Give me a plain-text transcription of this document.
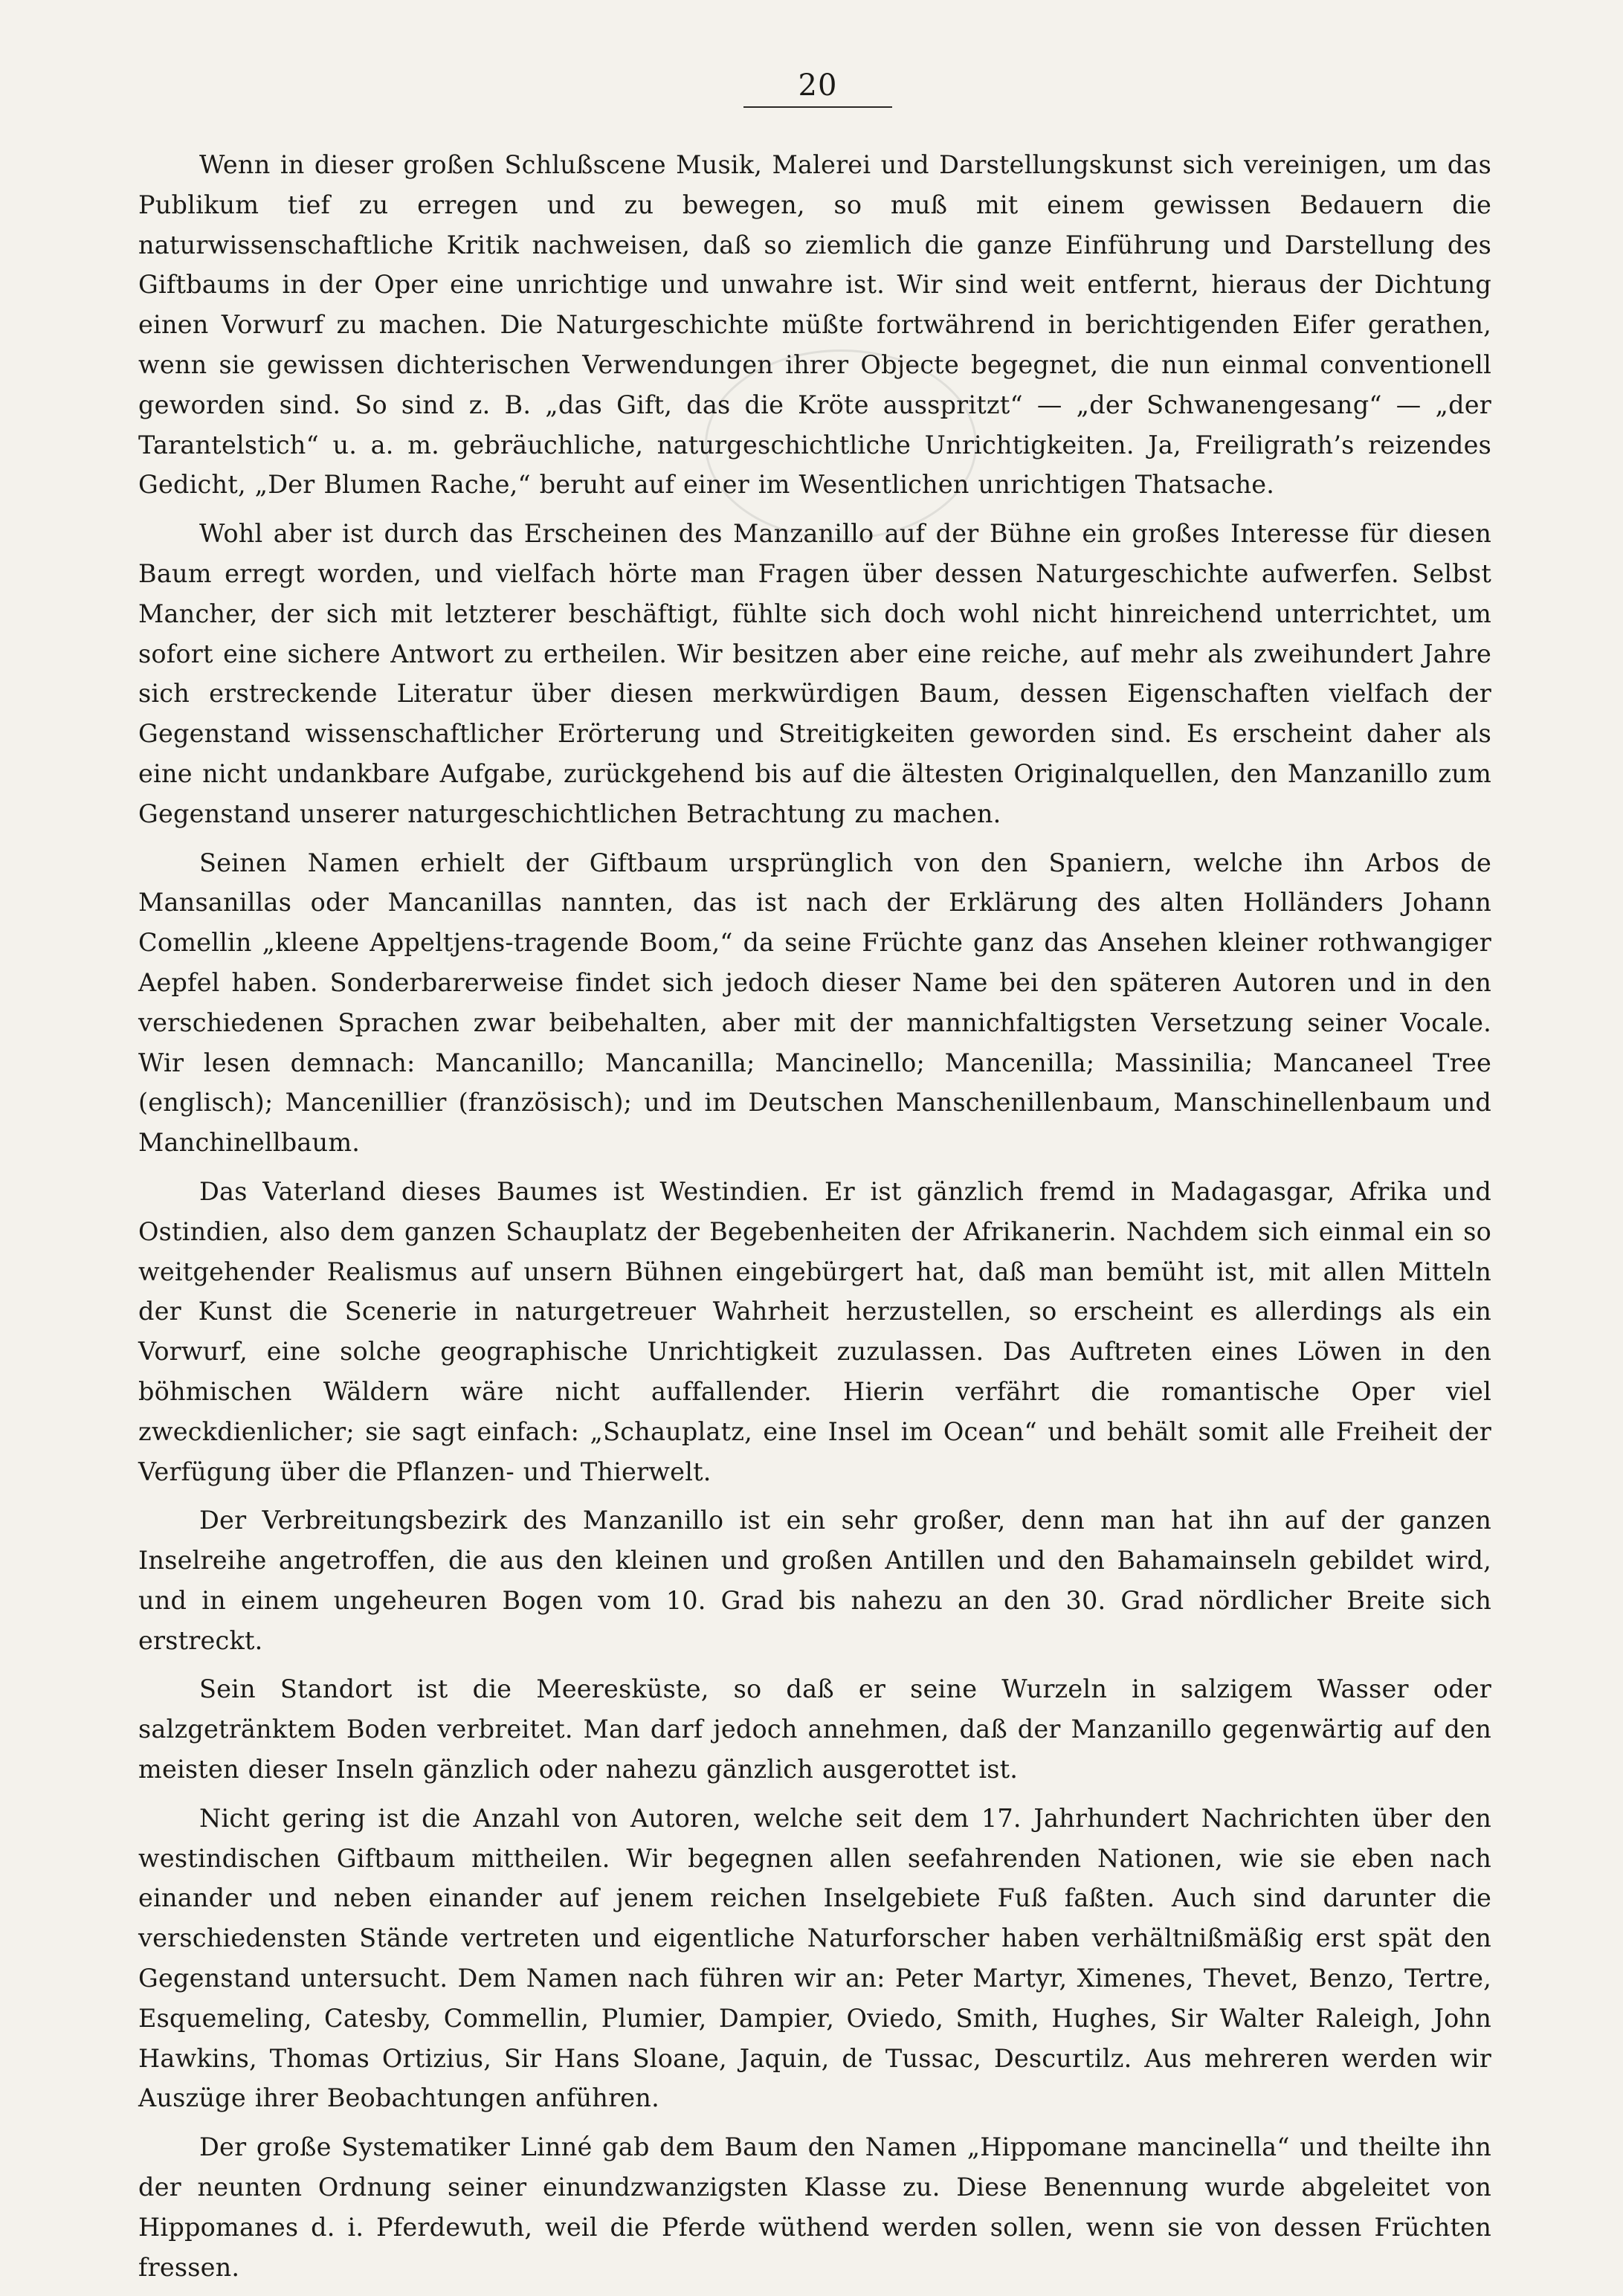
20

Wenn in dieser großen Schlußscene Musik, Malerei und Darstellungskunst sich vereinigen, um das Publikum tief zu erregen und zu bewegen, so muß mit einem gewissen Bedauern die naturwissenschaftliche Kritik nachweisen, daß so ziemlich die ganze Einführung und Darstellung des Giftbaums in der Oper eine unrichtige und unwahre ist. Wir sind weit entfernt, hieraus der Dichtung einen Vorwurf zu machen. Die Naturgeschichte müßte fortwährend in berichtigenden Eifer gerathen, wenn sie gewissen dichterischen Verwendungen ihrer Objecte begegnet, die nun einmal conventionell geworden sind. So sind z. B. „das Gift, das die Kröte ausspritzt“ — „der Schwanengesang“ — „der Tarantelstich“ u. a. m. gebräuchliche, naturgeschichtliche Unrichtigkeiten. Ja, Freiligrath’s reizendes Gedicht, „Der Blumen Rache,“ beruht auf einer im Wesentlichen unrichtigen Thatsache.

Wohl aber ist durch das Erscheinen des Manzanillo auf der Bühne ein großes Interesse für diesen Baum erregt worden, und vielfach hörte man Fragen über dessen Naturgeschichte aufwerfen. Selbst Mancher, der sich mit letzterer beschäftigt, fühlte sich doch wohl nicht hinreichend unterrichtet, um sofort eine sichere Antwort zu ertheilen. Wir besitzen aber eine reiche, auf mehr als zweihundert Jahre sich erstreckende Literatur über diesen merkwürdigen Baum, dessen Eigenschaften vielfach der Gegenstand wissenschaftlicher Erörterung und Streitigkeiten geworden sind. Es erscheint daher als eine nicht undankbare Aufgabe, zurückgehend bis auf die ältesten Originalquellen, den Manzanillo zum Gegenstand unserer naturgeschichtlichen Betrachtung zu machen.

Seinen Namen erhielt der Giftbaum ursprünglich von den Spaniern, welche ihn Arbos de Mansanillas oder Mancanillas nannten, das ist nach der Erklärung des alten Holländers Johann Comellin „kleene Appeltjens-tragende Boom,“ da seine Früchte ganz das Ansehen kleiner rothwangiger Aepfel haben. Sonderbarerweise findet sich jedoch dieser Name bei den späteren Autoren und in den verschiedenen Sprachen zwar beibehalten, aber mit der mannichfaltigsten Versetzung seiner Vocale. Wir lesen demnach: Mancanillo; Mancanilla; Mancinello; Mancenilla; Massinilia; Mancaneel Tree (englisch); Mancenillier (französisch); und im Deutschen Manschenillenbaum, Manschinellenbaum und Manchinellbaum.

Das Vaterland dieses Baumes ist Westindien. Er ist gänzlich fremd in Madagasgar, Afrika und Ostindien, also dem ganzen Schauplatz der Begebenheiten der Afrikanerin. Nachdem sich einmal ein so weitgehender Realismus auf unsern Bühnen eingebürgert hat, daß man bemüht ist, mit allen Mitteln der Kunst die Scenerie in naturgetreuer Wahrheit herzustellen, so erscheint es allerdings als ein Vorwurf, eine solche geographische Unrichtigkeit zuzulassen. Das Auftreten eines Löwen in den böhmischen Wäldern wäre nicht auffallender. Hierin verfährt die romantische Oper viel zweckdienlicher; sie sagt einfach: „Schauplatz, eine Insel im Ocean“ und behält somit alle Freiheit der Verfügung über die Pflanzen- und Thierwelt.

Der Verbreitungsbezirk des Manzanillo ist ein sehr großer, denn man hat ihn auf der ganzen Inselreihe angetroffen, die aus den kleinen und großen Antillen und den Bahamainseln gebildet wird, und in einem ungeheuren Bogen vom 10. Grad bis nahezu an den 30. Grad nördlicher Breite sich erstreckt.

Sein Standort ist die Meeresküste, so daß er seine Wurzeln in salzigem Wasser oder salzgetränktem Boden verbreitet. Man darf jedoch annehmen, daß der Manzanillo gegenwärtig auf den meisten dieser Inseln gänzlich oder nahezu gänzlich ausgerottet ist.

Nicht gering ist die Anzahl von Autoren, welche seit dem 17. Jahrhundert Nachrichten über den westindischen Giftbaum mittheilen. Wir begegnen allen seefahrenden Nationen, wie sie eben nach einander und neben einander auf jenem reichen Inselgebiete Fuß faßten. Auch sind darunter die verschiedensten Stände vertreten und eigentliche Naturforscher haben verhältnißmäßig erst spät den Gegenstand untersucht. Dem Namen nach führen wir an: Peter Martyr, Ximenes, Thevet, Benzo, Tertre, Esquemeling, Catesby, Commellin, Plumier, Dampier, Oviedo, Smith, Hughes, Sir Walter Raleigh, John Hawkins, Thomas Ortizius, Sir Hans Sloane, Jaquin, de Tussac, Descurtilz. Aus mehreren werden wir Auszüge ihrer Beobachtungen anführen.

Der große Systematiker Linné gab dem Baum den Namen „Hippomane mancinella“ und theilte ihn der neunten Ordnung seiner einundzwanzigsten Klasse zu. Diese Benennung wurde abgeleitet von Hippomanes d. i. Pferdewuth, weil die Pferde wüthend werden sollen, wenn sie von dessen Früchten fressen.
